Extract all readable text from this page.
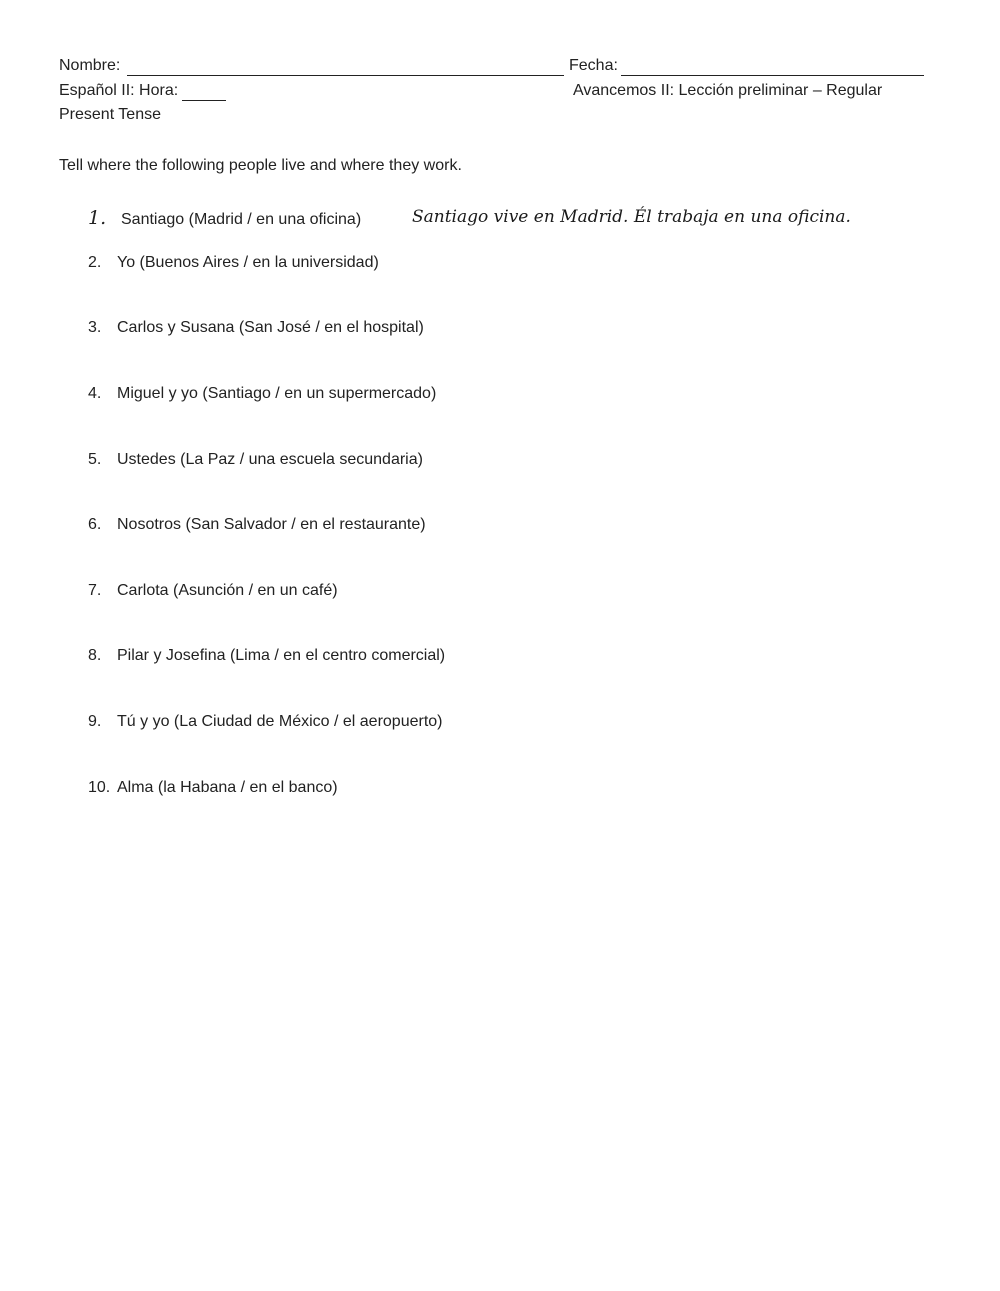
Nombre:	Fecha:
Español II: Hora:	Avancemos II: Lección preliminar – Regular
Present Tense
Tell where the following people live and where they work.
1. Santiago (Madrid / en una oficina)	Santiago vive en Madrid. Él trabaja en una oficina.
2. Yo (Buenos Aires / en la universidad)
3. Carlos y Susana (San José / en el hospital)
4. Miguel y yo (Santiago / en un supermercado)
5. Ustedes (La Paz / una escuela secundaria)
6. Nosotros (San Salvador / en el restaurante)
7. Carlota (Asunción / en un café)
8. Pilar y Josefina (Lima / en el centro comercial)
9. Tú y yo (La Ciudad de México / el aeropuerto)
10. Alma (la Habana / en el banco)
